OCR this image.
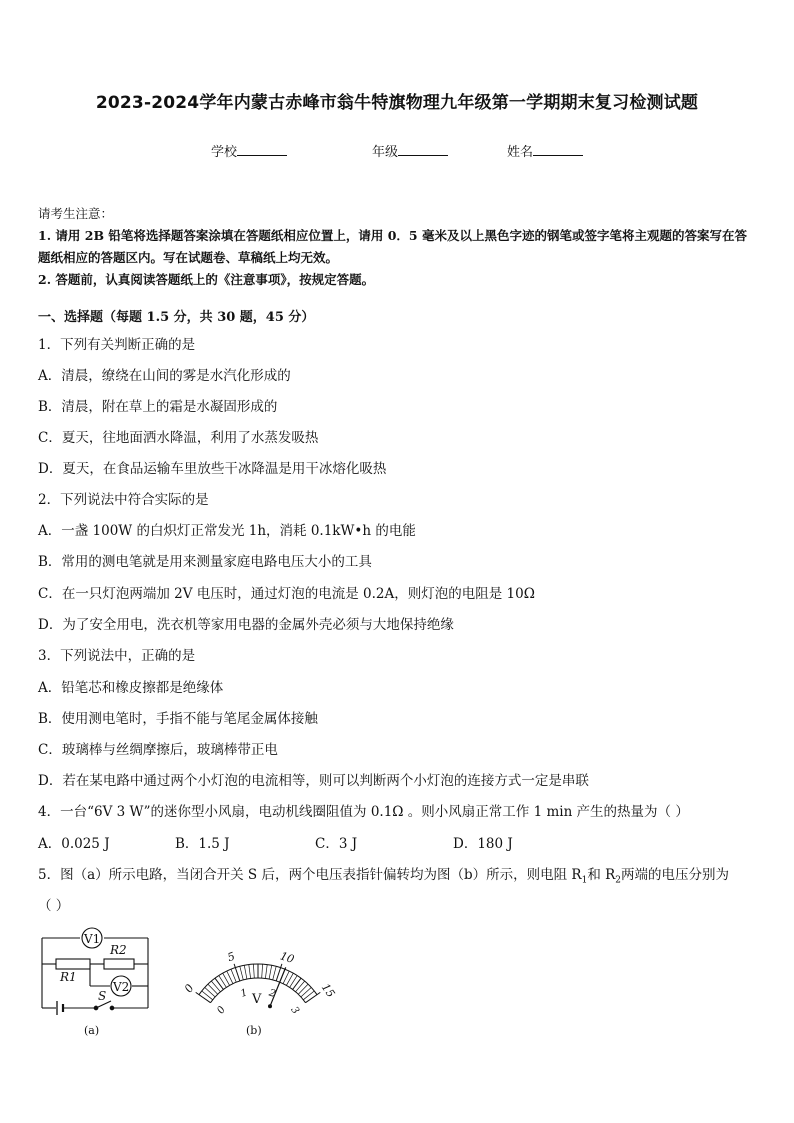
2023-2024学年内蒙古赤峰市翁牛特旗物理九年级第一学期期末复习检测试题
学校	年级	姓名
请考生注意：
1. 请用 2B 铅笔将选择题答案涂填在答题纸相应位置上，请用 0．5 毫米及以上黑色字迹的钢笔或签字笔将主观题的答案写在答题纸相应的答题区内。写在试题卷、草稿纸上均无效。
2. 答题前，认真阅读答题纸上的《注意事项》，按规定答题。
一、选择题（每题 1.5 分，共 30 题，45 分）
1．下列有关判断正确的是
A．清晨，缭绕在山间的雾是水汽化形成的
B．清晨，附在草上的霜是水凝固形成的
C．夏天，往地面洒水降温，利用了水蒸发吸热
D．夏天，在食品运输车里放些干冰降温是用干冰熔化吸热
2．下列说法中符合实际的是
A．一盏 100W 的白炽灯正常发光 1h，消耗 0.1kW•h 的电能
B．常用的测电笔就是用来测量家庭电路电压大小的工具
C．在一只灯泡两端加 2V 电压时，通过灯泡的电流是 0.2A，则灯泡的电阻是 10Ω
D．为了安全用电，洗衣机等家用电器的金属外壳必须与大地保持绝缘
3．下列说法中，正确的是
A．铅笔芯和橡皮擦都是绝缘体
B．使用测电笔时，手指不能与笔尾金属体接触
C．玻璃棒与丝绸摩擦后，玻璃棒带正电
D．若在某电路中通过两个小灯泡的电流相等，则可以判断两个小灯泡的连接方式一定是串联
4．一台“6V 3 W”的迷你型小风扇，电动机线圈阻值为 0.1Ω 。则小风扇正常工作 1 min 产生的热量为（ ）
A．0.025 J	B．1.5 J	C．3 J	D．180 J
5．图（a）所示电路，当闭合开关 S 后，两个电压表指针偏转均为图（b）所示，则电阻 $R_1$和 $R_2$两端的电压分别为
（ ）
V1
R2
R1
V2
S
(a)
0
5	10
15
0
1 2
3
V
(b)
